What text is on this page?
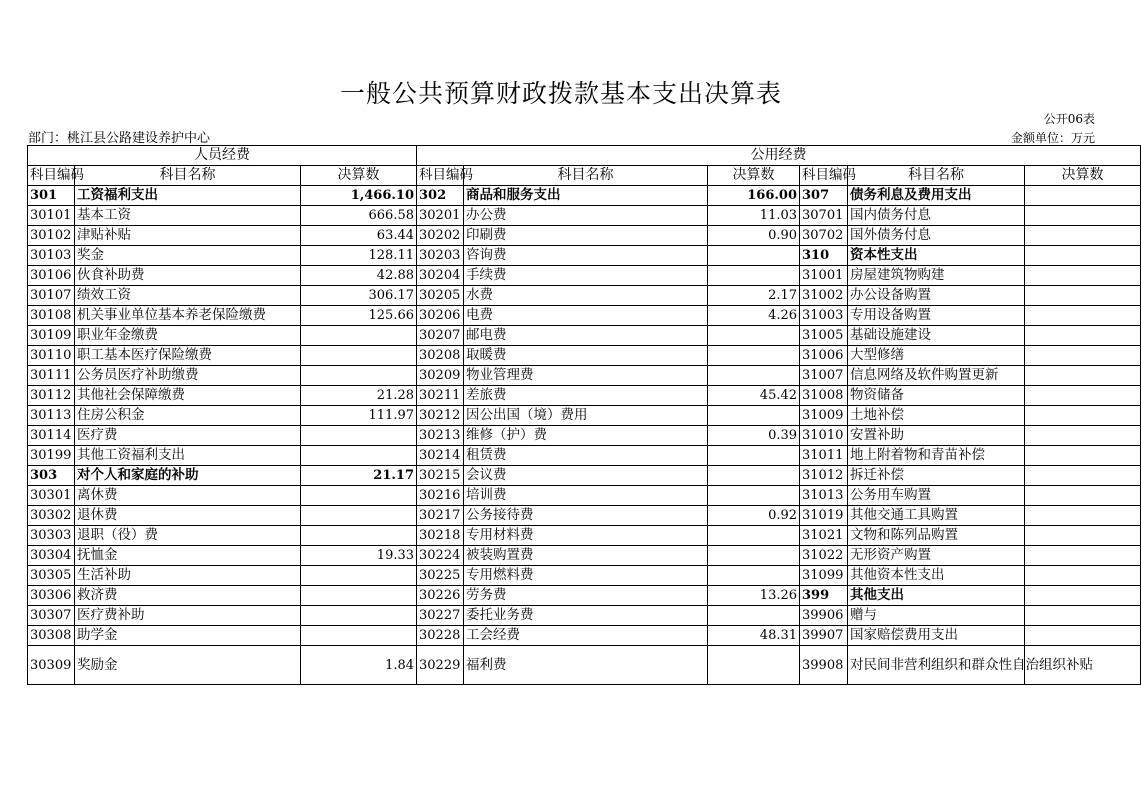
一般公共预算财政拨款基本支出决算表
公开06表
部门：桃江县公路建设养护中心	金额单位：万元
人员经费			公用经费					
科目编码	科目名称	决算数	科目编码	科目名称	决算数	科目编码	科目名称	决算数
301	工资福利支出	1,466.10	302	商品和服务支出	166.00	307	债务利息及费用支出	
30101	基本工资	666.58	30201	办公费	11.03	30701	国内债务付息	
30102	津贴补贴	63.44	30202	印刷费	0.90	30702	国外债务付息	
30103	奖金	128.11	30203	咨询费		310	资本性支出	
30106	伙食补助费	42.88	30204	手续费		31001	房屋建筑物购建	
30107	绩效工资	306.17	30205	水费	2.17	31002	办公设备购置	
30108	机关事业单位基本养老保险缴费	125.66	30206	电费	4.26	31003	专用设备购置	
30109	职业年金缴费		30207	邮电费		31005	基础设施建设	
30110	职工基本医疗保险缴费		30208	取暖费		31006	大型修缮	
30111	公务员医疗补助缴费		30209	物业管理费		31007	信息网络及软件购置更新	
30112	其他社会保障缴费	21.28	30211	差旅费	45.42	31008	物资储备	
30113	住房公积金	111.97	30212	因公出国（境）费用		31009	土地补偿	
30114	医疗费		30213	维修（护）费	0.39	31010	安置补助	
30199	其他工资福利支出		30214	租赁费		31011	地上附着物和青苗补偿	
303	对个人和家庭的补助	21.17	30215	会议费		31012	拆迁补偿	
30301	离休费		30216	培训费		31013	公务用车购置	
30302	退休费		30217	公务接待费	0.92	31019	其他交通工具购置	
30303	退职（役）费		30218	专用材料费		31021	文物和陈列品购置	
30304	抚恤金	19.33	30224	被装购置费		31022	无形资产购置	
30305	生活补助		30225	专用燃料费		31099	其他资本性支出	
30306	救济费		30226	劳务费	13.26	399	其他支出	
30307	医疗费补助		30227	委托业务费		39906	赠与	
30308	助学金		30228	工会经费	48.31	39907	国家赔偿费用支出	
30309	奖励金	1.84	30229	福利费		39908	对民间非营利组织和群众性自治组织补贴	
